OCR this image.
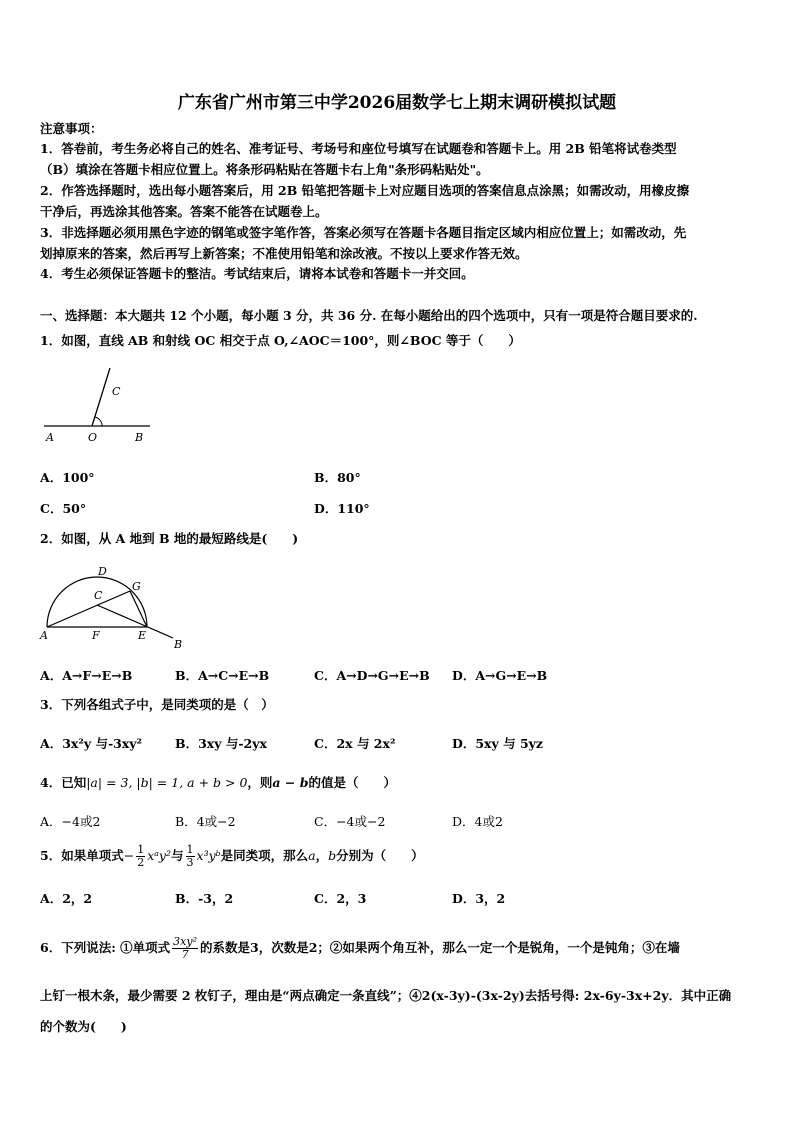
广东省广州市第三中学2026届数学七上期末调研模拟试题
注意事项：
1．答卷前，考生务必将自己的姓名、准考证号、考场号和座位号填写在试题卷和答题卡上。用 2B 铅笔将试卷类型
（B）填涂在答题卡相应位置上。将条形码粘贴在答题卡右上角"条形码粘贴处"。
2．作答选择题时，选出每小题答案后，用 2B 铅笔把答题卡上对应题目选项的答案信息点涂黑；如需改动，用橡皮擦
干净后，再选涂其他答案。答案不能答在试题卷上。
3．非选择题必须用黑色字迹的钢笔或签字笔作答，答案必须写在答题卡各题目指定区域内相应位置上；如需改动，先
划掉原来的答案，然后再写上新答案；不准使用铅笔和涂改液。不按以上要求作答无效。
4．考生必须保证答题卡的整洁。考试结束后，请将本试卷和答题卡一并交回。
一、选择题：本大题共 12 个小题，每小题 3 分，共 36 分. 在每小题给出的四个选项中，只有一项是符合题目要求的.
1．如图，直线 AB 和射线 OC 相交于点 O,∠AOC＝100°，则∠BOC 等于（　　）
A	O	B
C
A．100°	B．80°
C．50°	D．110°
2．如图，从 A 地到 B 地的最短路线是(　　)
D
G
C
A	F	E
B
A．A→F→E→B	B．A→C→E→B	C．A→D→G→E→B D．A→G→E→B
3．下列各组式子中，是同类项的是（　）
A．3x²y 与-3xy²	B．3xy 与-2yx	C．2x 与 2x²	D．5xy 与 5yz
4．已知|a| = 3, |b| = 1, a + b > 0，则a − b的值是（　　）
A．−4或2	B．4或−2	C．−4或−2	D．4或2
5．如果单项式− $\frac{1}{2}$ xᵃy²与 $\frac{1}{3}$ x³yᵇ是同类项，那么a，b分别为（　　）
A．2，2	B．-3，2	C．2，3	D．3，2
6．下列说法: ①单项式 $\frac{\text{3xy²}}{7}$ 的系数是3，次数是2；②如果两个角互补，那么一定一个是锐角，一个是钝角；③在墙
上钉一根木条，最少需要 2 枚钉子，理由是“两点确定一条直线”；④2(x-3y)-(3x-2y)去括号得: 2x-6y-3x+2y．其中正确
的个数为(　　)
